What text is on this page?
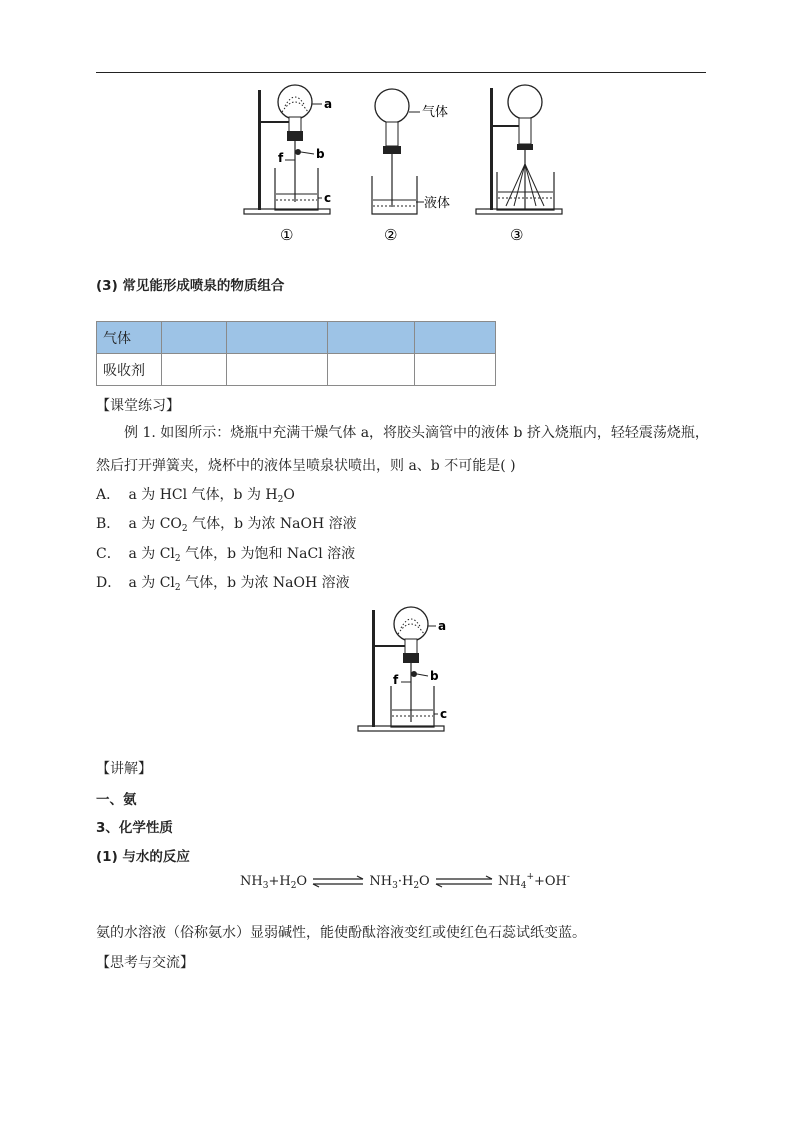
a
b
f
c
①
气体
液体
②	③
(3) 常见能形成喷泉的物质组合
气体				
吸收剂				
【课堂练习】
例 1. 如图所示：烧瓶中充满干燥气体 a，将胶头滴管中的液体 b 挤入烧瓶内，轻轻震荡烧瓶，
然后打开弹簧夹，烧杯中的液体呈喷泉状喷出，则 a、b 不可能是( )
A． a 为 HCl 气体，b 为 $H_2O$
B． a 为 $CO_2$ 气体，b 为浓 NaOH 溶液
C． a 为 $Cl_2$ 气体，b 为饱和 NaCl 溶液
D． a 为 $Cl_2$ 气体，b 为浓 NaOH 溶液
a
b
f
c
【讲解】
一、氨
3、化学性质
(1) 与水的反应
$NH_3+H_2O$	$NH_3\cdot H_2O$	$NH_4^++OH^-$
氨的水溶液（俗称氨水）显弱碱性，能使酚酞溶液变红或使红色石蕊试纸变蓝。
【思考与交流】
